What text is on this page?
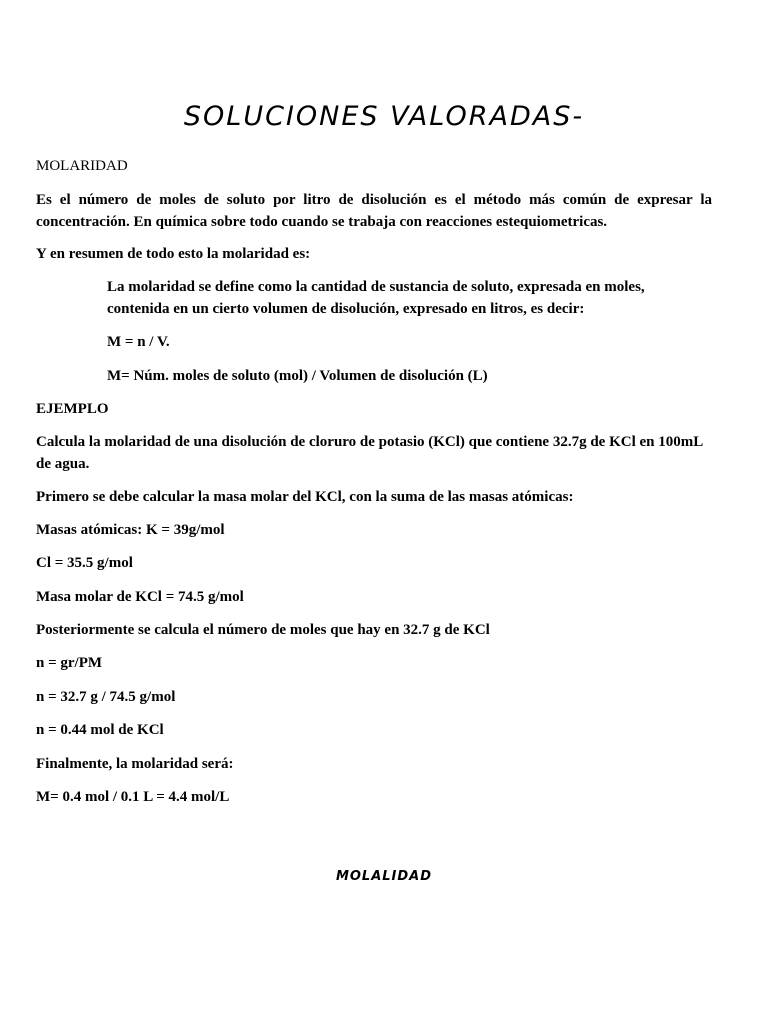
SOLUCIONES VALORADAS-

MOLARIDAD

Es el número de moles de soluto por litro de disolución es el método más común de expresar la concentración. En química sobre todo cuando se trabaja con reacciones estequiometricas.

Y en resumen de todo esto la molaridad es:

La molaridad se define como la cantidad de sustancia de soluto, expresada en moles, contenida en un cierto volumen de disolución, expresado en litros, es decir:

M = n / V.

M= Núm. moles de soluto (mol) / Volumen de disolución (L)

EJEMPLO

Calcula la molaridad de una disolución de cloruro de potasio (KCl) que contiene 32.7g de KCl en 100mL de agua.

Primero se debe calcular la masa molar del KCl, con la suma de las masas atómicas:

Masas atómicas: K = 39g/mol

Cl = 35.5 g/mol

Masa molar de KCl = 74.5 g/mol

Posteriormente se calcula el número de moles que hay en 32.7 g de KCl

n = gr/PM

n = 32.7 g / 74.5 g/mol

n = 0.44 mol de KCl

Finalmente, la molaridad será:

M= 0.4 mol / 0.1 L = 4.4 mol/L

MOLALIDAD
